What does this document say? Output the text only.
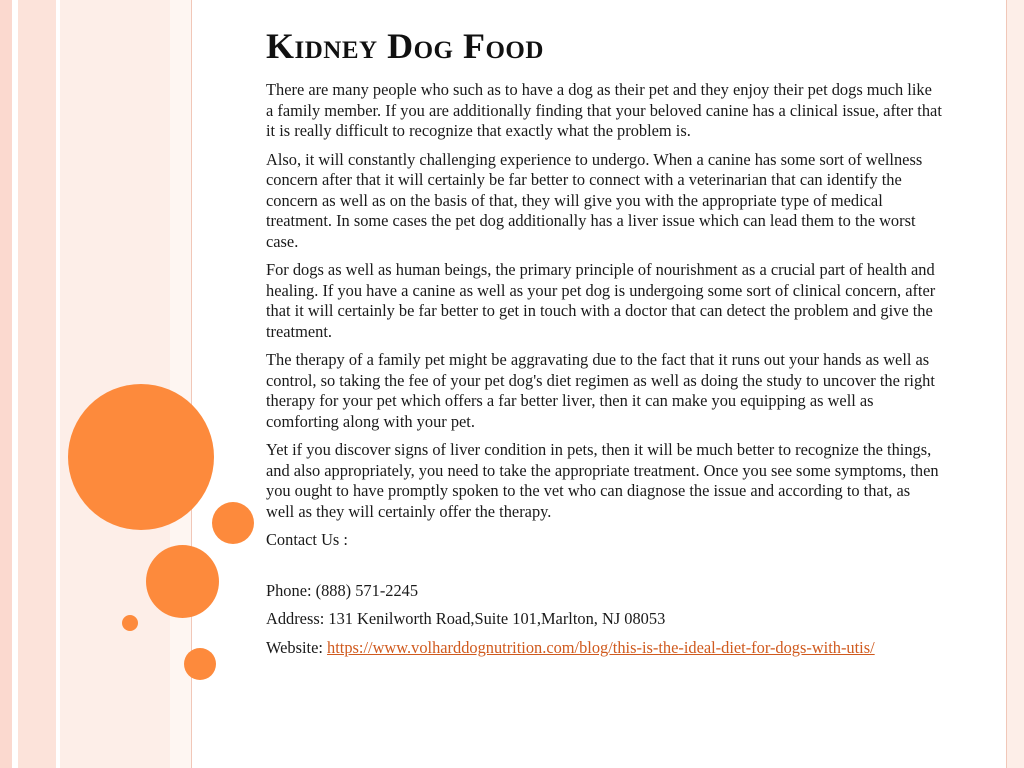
Kidney Dog Food

There are many people who such as to have a dog as their pet and they enjoy their pet dogs much like a family member. If you are additionally finding that your beloved canine has a clinical issue, after that it is really difficult to recognize that exactly what the problem is.

Also, it will constantly challenging experience to undergo. When a canine has some sort of wellness concern after that it will certainly be far better to connect with a veterinarian that can identify the concern as well as on the basis of that, they will give you with the appropriate type of medical treatment. In some cases the pet dog additionally has a liver issue which can lead them to the worst case.

For dogs as well as human beings, the primary principle of nourishment as a crucial part of health and healing. If you have a canine as well as your pet dog is undergoing some sort of clinical concern, after that it will certainly be far better to get in touch with a doctor that can detect the problem and give the treatment.

The therapy of a family pet might be aggravating due to the fact that it runs out your hands as well as control, so taking the fee of your pet dog's diet regimen as well as doing the study to uncover the right therapy for your pet which offers a far better liver, then it can make you equipping as well as comforting along with your pet.

Yet if you discover signs of liver condition in pets, then it will be much better to recognize the things, and also appropriately, you need to take the appropriate treatment. Once you see some symptoms, then you ought to have promptly spoken to the vet who can diagnose the issue and according to that, as well as they will certainly offer the therapy.

Contact Us :

Phone: (888) 571-2245

Address: 131 Kenilworth Road,Suite 101,Marlton, NJ 08053

Website: https://www.volharddognutrition.com/blog/this-is-the-ideal-diet-for-dogs-with-utis/
